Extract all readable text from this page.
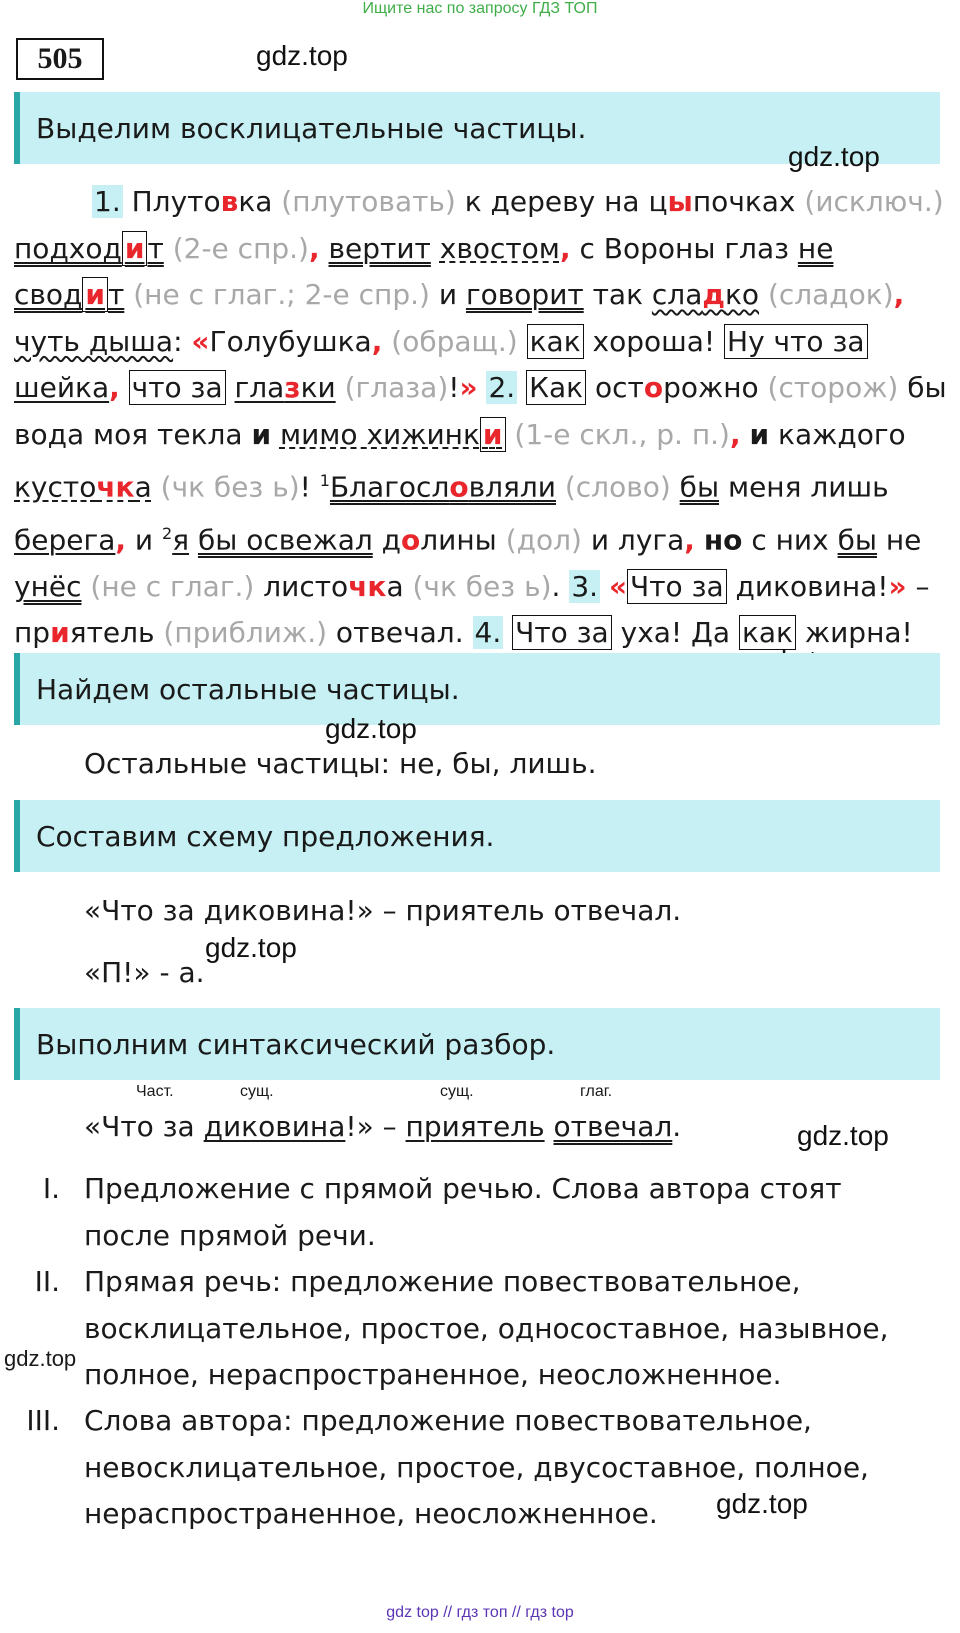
Ищите нас по запросу ГДЗ ТОП
505	gdz.top
Выделим восклицательные частицы.
gdz.top
1. Плутовка (плутовать) к дереву на цыпочках (исключ.)
подход и т (2-е спр.), вертит хвостом, с Вороны глаз не
свод и т (не с глаг.; 2-е спр.) и говорит так сладко (сладок),
чуть дыша: «Голубушка, (обращ.) как хороша! Ну что за
шейка, что за глазки (глаза)!» 2. Как осторожно (сторож) бы
вода моя текла и мимо хижинк и (1-е скл., р. п.), и каждого
кусточка (чк без ь)! $^1$Благословляли (слово) бы меня лишь
берега, и $^2$я бы освежал долины (дол) и луга, но с них бы не
унёс (не с глаг.) листочка (чк без ь). 3. « Что за диковина!» –
приятель (приближ.) отвечал. 4. Что за уха! Да как жирна!
Найдем остальные частицы.
gdz.top
Остальные частицы: не, бы, лишь.
Составим схему предложения.
«Что за диковина!» – приятель отвечал.
gdz.top
«П!» - а.
Выполним синтаксический разбор.
Част.	сущ.	сущ.	глаг.
«Что за диковина!» – приятель отвечал.	gdz.top
I. Предложение с прямой речью. Слова автора стоят после прямой речи.
II. Прямая речь: предложение повествовательное, восклицательное, простое, односоставное, назывное, полное, нераспространенное, неосложненное.
gdz.top
III. Слова автора: предложение повествовательное, невосклицательное, простое, двусоставное, полное, нераспространенное, неосложненное.	gdz.top
gdz top // гдз топ // гдз top
